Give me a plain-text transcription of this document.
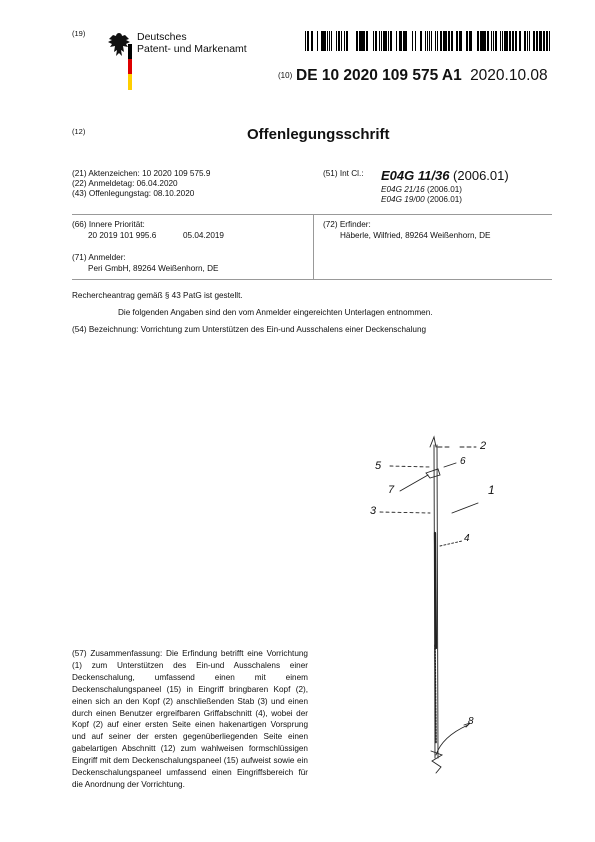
(19)	Deutsches
Patent- und Markenamt
(10) DE 10 2020 109 575 A1 2020.10.08
(12)	Offenlegungsschrift
(21) Aktenzeichen: 10 2020 109 575.9
(22) Anmeldetag: 06.04.2020
(43) Offenlegungstag: 08.10.2020
(51) Int Cl.: E04G 11/36 (2006.01)
E04G 21/16 (2006.01)
E04G 19/00 (2006.01)
(66) Innere Priorität:
20 2019 101 995.6	05.04.2019
(71) Anmelder:
Peri GmbH, 89264 Weißenhorn, DE
(72) Erfinder:
Häberle, Wilfried, 89264 Weißenhorn, DE
Rechercheantrag gemäß § 43 PatG ist gestellt.
Die folgenden Angaben sind den vom Anmelder eingereichten Unterlagen entnommen.
(54) Bezeichnung: Vorrichtung zum Unterstützen des Ein-und Ausschalens einer Deckenschalung
(57) Zusammenfassung: Die Erfindung betrifft eine Vorrichtung (1) zum Unterstützen des Ein-und Ausschalens einer Deckenschalung, umfassend einen mit einem Deckenschalungspaneel (15) in Eingriff bringbaren Kopf (2), einen sich an den Kopf (2) anschließenden Stab (3) und einen durch einen Benutzer ergreifbaren Griffabschnitt (4), wobei der Kopf (2) auf einer ersten Seite einen hakenartigen Vorsprung und auf seiner der ersten gegenüberliegenden Seite einen gabelartigen Abschnitt (12) zum wahlweisen formschlüssigen Eingriff mit dem Deckenschalungspaneel (15) aufweist sowie ein Deckenschalungspaneel umfassend einen Eingriffsbereich für die Anordnung der Vorrichtung.
2
5	6
7	1
3
4
8
